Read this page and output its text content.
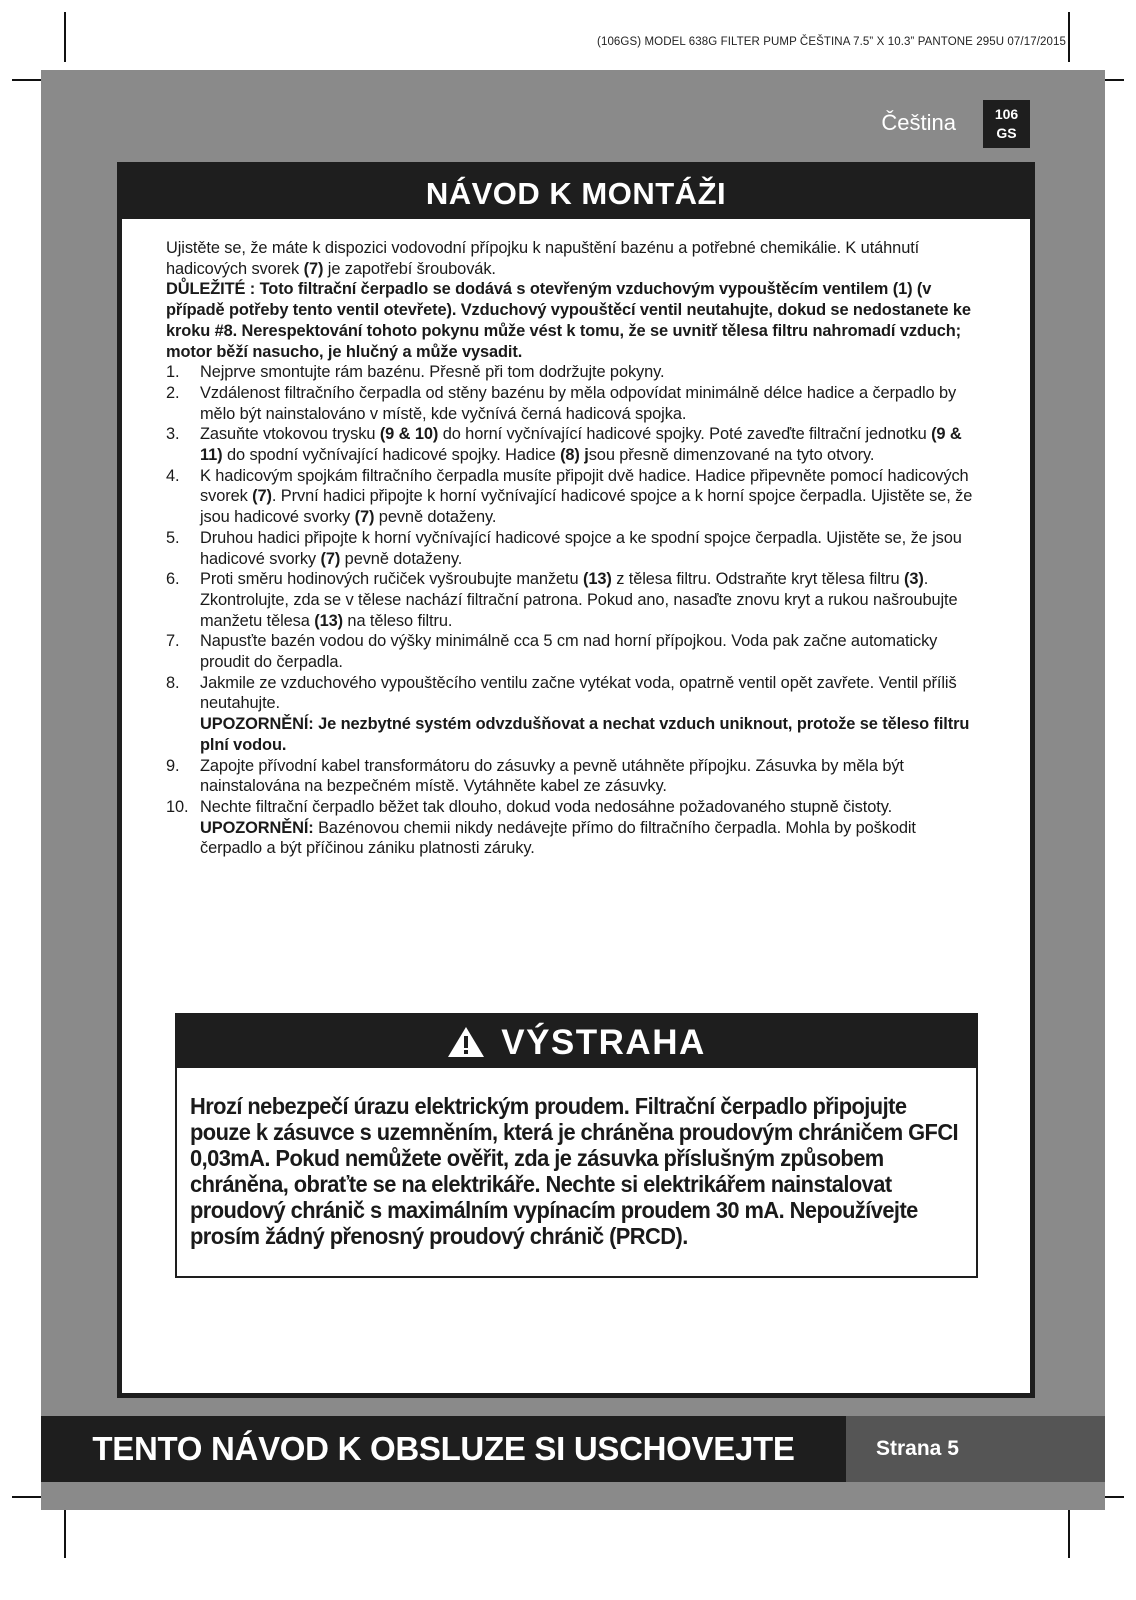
(106GS) MODEL 638G FILTER PUMP ČEŠTINA 7.5” X 10.3” PANTONE 295U 07/17/2015
Čeština	106
GS
NÁVOD K MONTÁŽI

Ujistěte se, že máte k dispozici vodovodní přípojku k napuštění bazénu a potřebné chemikálie. K utáhnutí hadicových svorek (7) je zapotřebí šroubovák.

DŮLEŽITÉ : Toto filtrační čerpadlo se dodává s otevřeným vzduchovým vypouštěcím ventilem (1) (v případě potřeby tento ventil otevřete). Vzduchový vypouštěcí ventil neutahujte, dokud se nedostanete ke kroku #8. Nerespektování tohoto pokynu může vést k tomu, že se uvnitř tělesa filtru nahromadí vzduch; motor běží nasucho, je hlučný a může vysadit.

1.	Nejprve smontujte rám bazénu. Přesně při tom dodržujte pokyny.
2.	Vzdálenost filtračního čerpadla od stěny bazénu by měla odpovídat minimálně délce hadice a čerpadlo by mělo být nainstalováno v místě, kde vyčnívá černá hadicová spojka.
3.	Zasuňte vtokovou trysku (9 & 10) do horní vyčnívající hadicové spojky. Poté zaveďte filtrační jednotku (9 & 11) do spodní vyčnívající hadicové spojky. Hadice (8) jsou přesně dimenzované na tyto otvory.
4.	K hadicovým spojkám filtračního čerpadla musíte připojit dvě hadice. Hadice připevněte pomocí hadicových svorek (7). První hadici připojte k horní vyčnívající hadicové spojce a k horní spojce čerpadla. Ujistěte se, že jsou hadicové svorky (7) pevně dotaženy.
5.	Druhou hadici připojte k horní vyčnívající hadicové spojce a ke spodní spojce čerpadla. Ujistěte se, že jsou hadicové svorky (7) pevně dotaženy.
6.	Proti směru hodinových ručiček vyšroubujte manžetu (13) z tělesa filtru. Odstraňte kryt tělesa filtru (3). Zkontrolujte, zda se v tělese nachází filtrační patrona. Pokud ano, nasaďte znovu kryt a rukou našroubujte manžetu tělesa (13) na těleso filtru.
7.	Napusťte bazén vodou do výšky minimálně cca 5 cm nad horní přípojkou. Voda pak začne automaticky proudit do čerpadla.
8.	Jakmile ze vzduchového vypouštěcího ventilu začne vytékat voda, opatrně ventil opět zavřete. Ventil příliš neutahujte.
UPOZORNĚNÍ: Je nezbytné systém odvzdušňovat a nechat vzduch uniknout, protože se těleso filtru plní vodou.
9.	Zapojte přívodní kabel transformátoru do zásuvky a pevně utáhněte přípojku. Zásuvka by měla být nainstalována na bezpečném místě. Vytáhněte kabel ze zásuvky.
10. Nechte filtrační čerpadlo běžet tak dlouho, dokud voda nedosáhne požadovaného stupně čistoty.
UPOZORNĚNÍ: Bazénovou chemii nikdy nedávejte přímo do filtračního čerpadla. Mohla by poškodit čerpadlo a být příčinou zániku platnosti záruky.
VÝSTRAHA
Hrozí nebezpečí úrazu elektrickým proudem. Filtrační čerpadlo připojujte pouze k zásuvce s uzemněním, která je chráněna proudovým chráničem GFCI 0,03mA. Pokud nemůžete ověřit, zda je zásuvka příslušným způsobem chráněna, obraťte se na elektrikáře. Nechte si elektrikářem nainstalovat proudový chránič s maximálním vypínacím proudem 30 mA. Nepoužívejte prosím žádný přenosný proudový chránič (PRCD).
TENTO NÁVOD K OBSLUZE SI USCHOVEJTE	Strana 5
